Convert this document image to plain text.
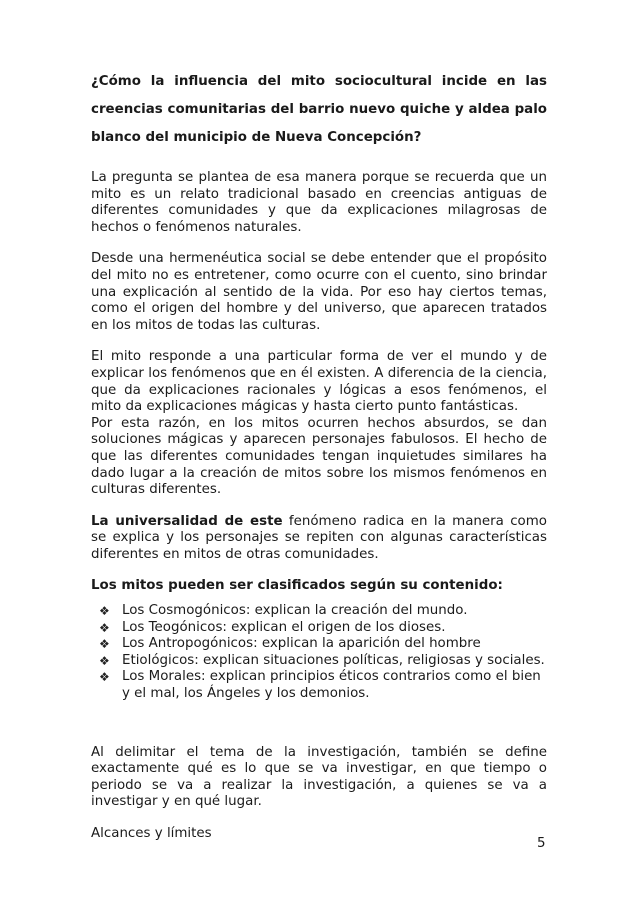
¿Cómo la influencia del mito sociocultural incide en las creencias comunitarias del barrio nuevo quiche y aldea palo blanco del municipio de Nueva Concepción?

La pregunta se plantea de esa manera porque se recuerda que un mito es un relato tradicional basado en creencias antiguas de diferentes comunidades y que da explicaciones milagrosas de hechos o fenómenos naturales.

Desde una hermenéutica social se debe entender que el propósito del mito no es entretener, como ocurre con el cuento, sino brindar una explicación al sentido de la vida. Por eso hay ciertos temas, como el origen del hombre y del universo, que aparecen tratados en los mitos de todas las culturas.

El mito responde a una particular forma de ver el mundo y de explicar los fenómenos que en él existen. A diferencia de la ciencia, que da explicaciones racionales y lógicas a esos fenómenos, el mito da explicaciones mágicas y hasta cierto punto fantásticas.

Por esta razón, en los mitos ocurren hechos absurdos, se dan soluciones mágicas y aparecen personajes fabulosos. El hecho de que las diferentes comunidades tengan inquietudes similares ha dado lugar a la creación de mitos sobre los mismos fenómenos en culturas diferentes.

La universalidad de este fenómeno radica en la manera como se explica y los personajes se repiten con algunas características diferentes en mitos de otras comunidades.

Los mitos pueden ser clasificados según su contenido:

❖ Los Cosmogónicos: explican la creación del mundo.
❖ Los Teogónicos: explican el origen de los dioses.
❖ Los Antropogónicos: explican la aparición del hombre
❖ Etiológicos: explican situaciones políticas, religiosas y sociales.
❖ Los Morales: explican principios éticos contrarios como el bien y el mal, los Ángeles y los demonios.

Al delimitar el tema de la investigación, también se define exactamente qué es lo que se va investigar, en que tiempo o periodo se va a realizar la investigación, a quienes se va a investigar y en qué lugar.

Alcances y límites

5
